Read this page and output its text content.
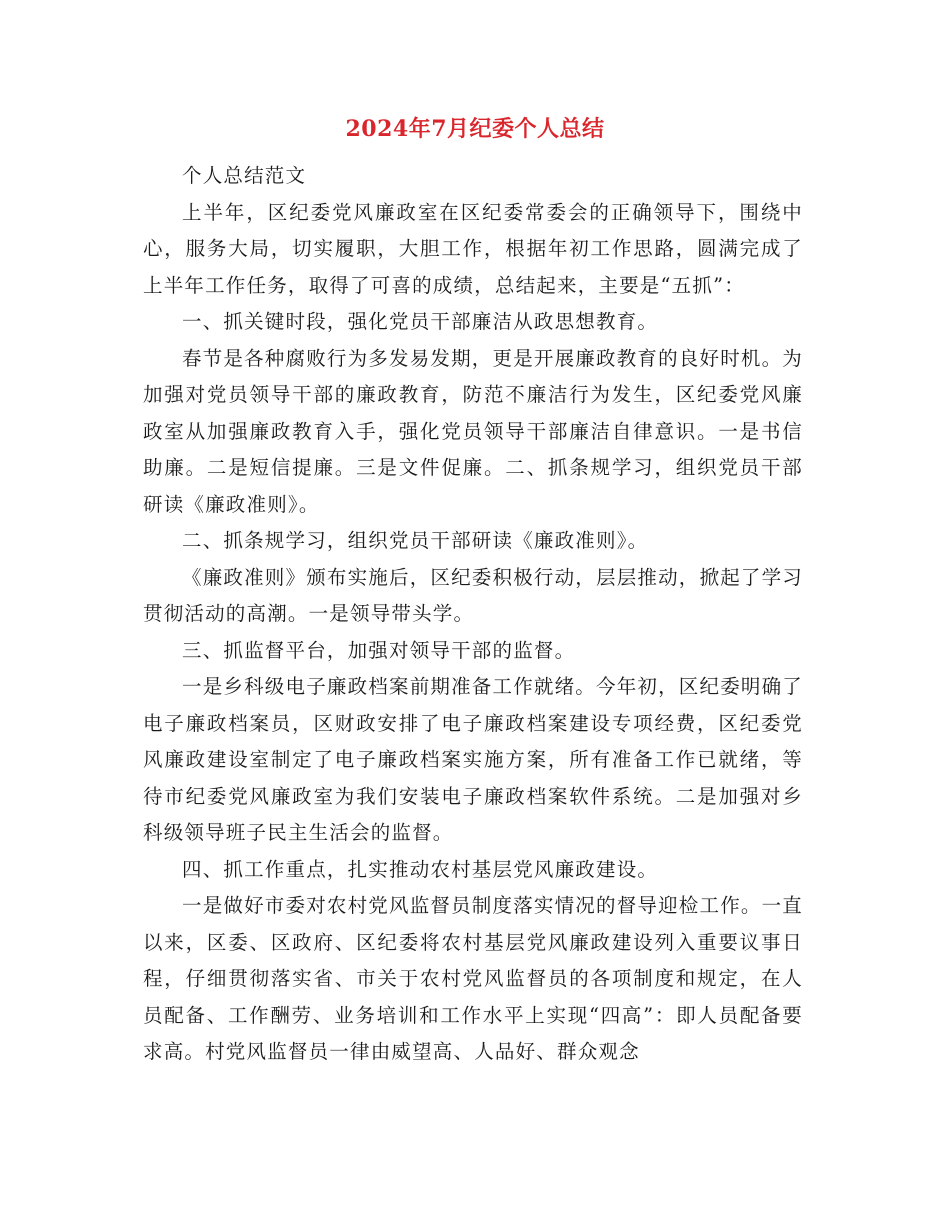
2024年7月纪委个人总结

个人总结范文

上半年，区纪委党风廉政室在区纪委常委会的正确领导下，围绕中心，服务大局，切实履职，大胆工作，根据年初工作思路，圆满完成了上半年工作任务，取得了可喜的成绩，总结起来，主要是“五抓”：

一、抓关键时段，强化党员干部廉洁从政思想教育。

春节是各种腐败行为多发易发期，更是开展廉政教育的良好时机。为加强对党员领导干部的廉政教育，防范不廉洁行为发生，区纪委党风廉政室从加强廉政教育入手，强化党员领导干部廉洁自律意识。一是书信助廉。二是短信提廉。三是文件促廉。二、抓条规学习，组织党员干部研读《廉政准则》。

二、抓条规学习，组织党员干部研读《廉政准则》。

《廉政准则》颁布实施后，区纪委积极行动，层层推动，掀起了学习贯彻活动的高潮。一是领导带头学。

三、抓监督平台，加强对领导干部的监督。

一是乡科级电子廉政档案前期准备工作就绪。今年初，区纪委明确了电子廉政档案员，区财政安排了电子廉政档案建设专项经费，区纪委党风廉政建设室制定了电子廉政档案实施方案，所有准备工作已就绪，等待市纪委党风廉政室为我们安装电子廉政档案软件系统。二是加强对乡科级领导班子民主生活会的监督。

四、抓工作重点，扎实推动农村基层党风廉政建设。

一是做好市委对农村党风监督员制度落实情况的督导迎检工作。一直以来，区委、区政府、区纪委将农村基层党风廉政建设列入重要议事日程，仔细贯彻落实省、市关于农村党风监督员的各项制度和规定，在人员配备、工作酬劳、业务培训和工作水平上实现“四高”：即人员配备要求高。村党风监督员一律由威望高、人品好、群众观念
